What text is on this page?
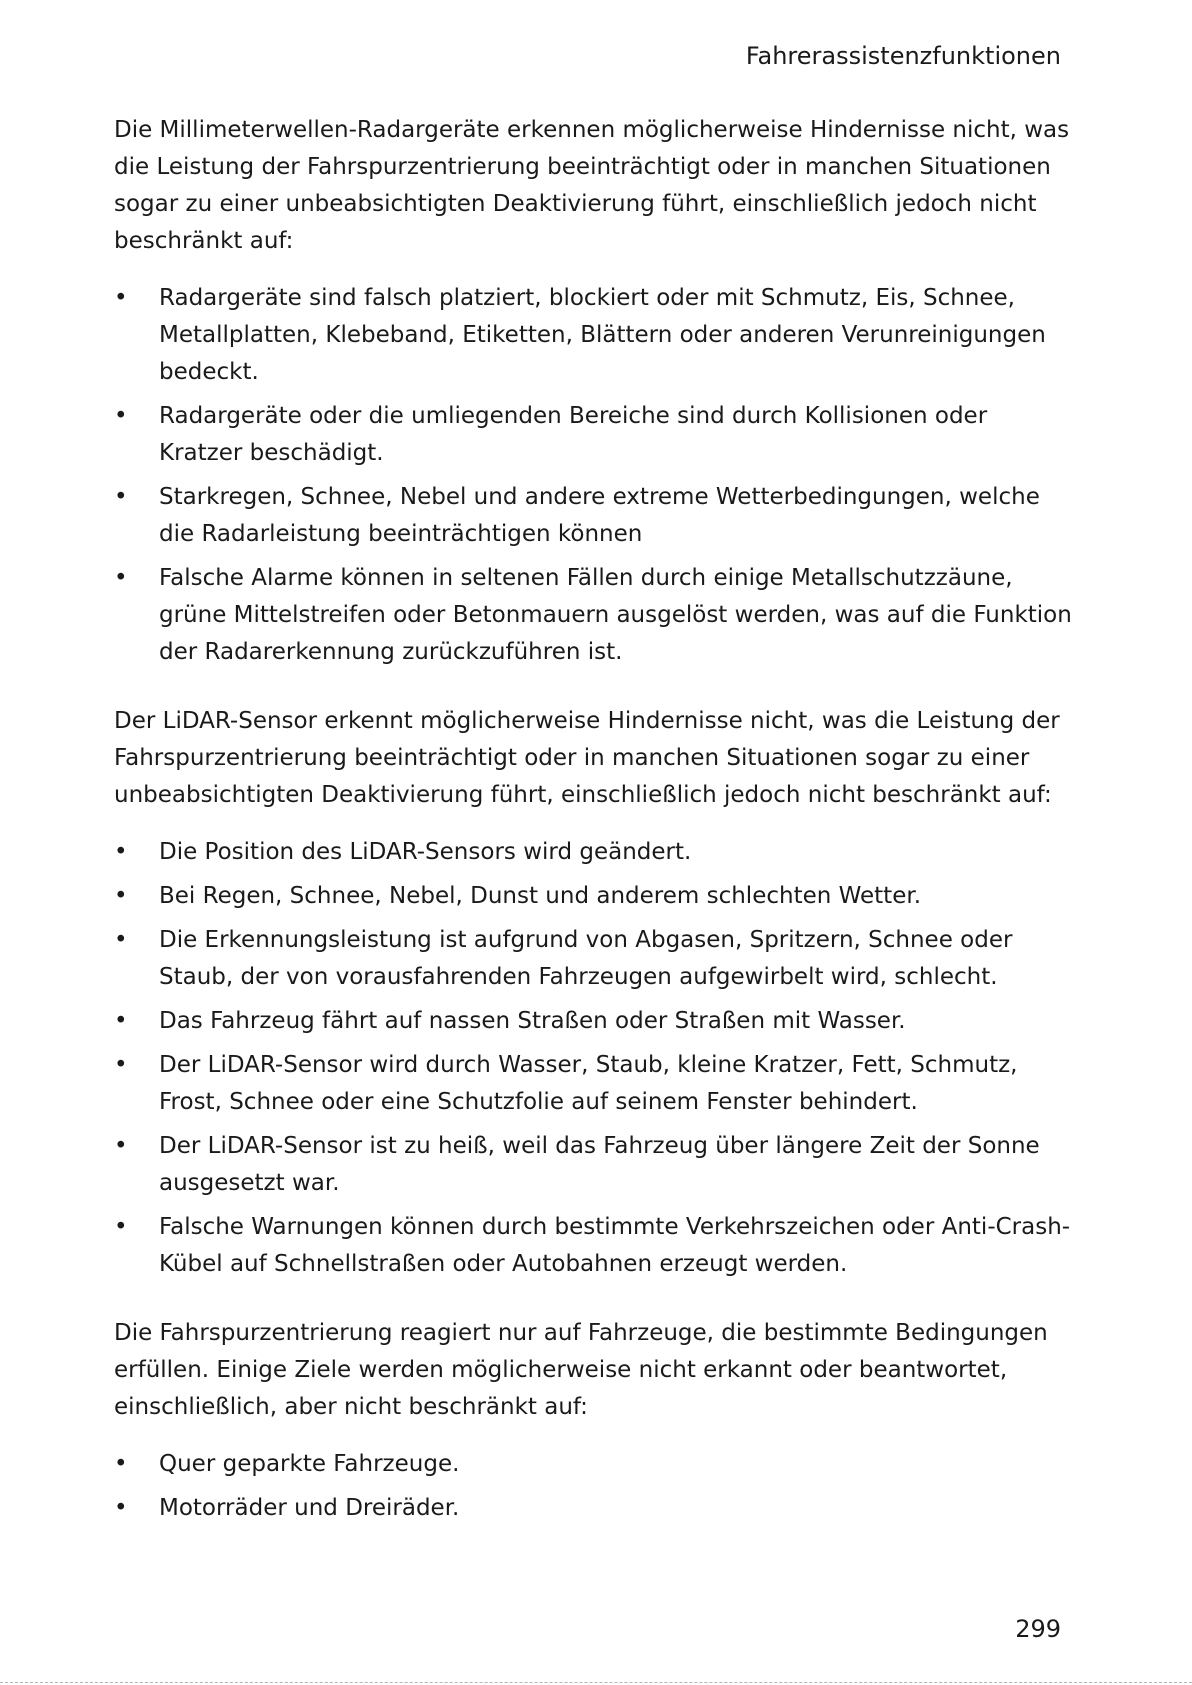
Fahrerassistenzfunktionen

Die Millimeterwellen-Radargeräte erkennen möglicherweise Hindernisse nicht, was die Leistung der Fahrspurzentrierung beeinträchtigt oder in manchen Situationen sogar zu einer unbeabsichtigten Deaktivierung führt, einschließlich jedoch nicht beschränkt auf:

• Radargeräte sind falsch platziert, blockiert oder mit Schmutz, Eis, Schnee, Metallplatten, Klebeband, Etiketten, Blättern oder anderen Verunreinigungen bedeckt.
• Radargeräte oder die umliegenden Bereiche sind durch Kollisionen oder Kratzer beschädigt.
• Starkregen, Schnee, Nebel und andere extreme Wetterbedingungen, welche die Radarleistung beeinträchtigen können
• Falsche Alarme können in seltenen Fällen durch einige Metallschutzzäune, grüne Mittelstreifen oder Betonmauern ausgelöst werden, was auf die Funktion der Radarerkennung zurückzuführen ist.

Der LiDAR-Sensor erkennt möglicherweise Hindernisse nicht, was die Leistung der Fahrspurzentrierung beeinträchtigt oder in manchen Situationen sogar zu einer unbeabsichtigten Deaktivierung führt, einschließlich jedoch nicht beschränkt auf:

• Die Position des LiDAR-Sensors wird geändert.
• Bei Regen, Schnee, Nebel, Dunst und anderem schlechten Wetter.
• Die Erkennungsleistung ist aufgrund von Abgasen, Spritzern, Schnee oder Staub, der von vorausfahrenden Fahrzeugen aufgewirbelt wird, schlecht.
• Das Fahrzeug fährt auf nassen Straßen oder Straßen mit Wasser.
• Der LiDAR-Sensor wird durch Wasser, Staub, kleine Kratzer, Fett, Schmutz, Frost, Schnee oder eine Schutzfolie auf seinem Fenster behindert.
• Der LiDAR-Sensor ist zu heiß, weil das Fahrzeug über längere Zeit der Sonne ausgesetzt war.
• Falsche Warnungen können durch bestimmte Verkehrszeichen oder Anti-Crash-Kübel auf Schnellstraßen oder Autobahnen erzeugt werden.

Die Fahrspurzentrierung reagiert nur auf Fahrzeuge, die bestimmte Bedingungen erfüllen. Einige Ziele werden möglicherweise nicht erkannt oder beantwortet, einschließlich, aber nicht beschränkt auf:

• Quer geparkte Fahrzeuge.
• Motorräder und Dreiräder.
299
